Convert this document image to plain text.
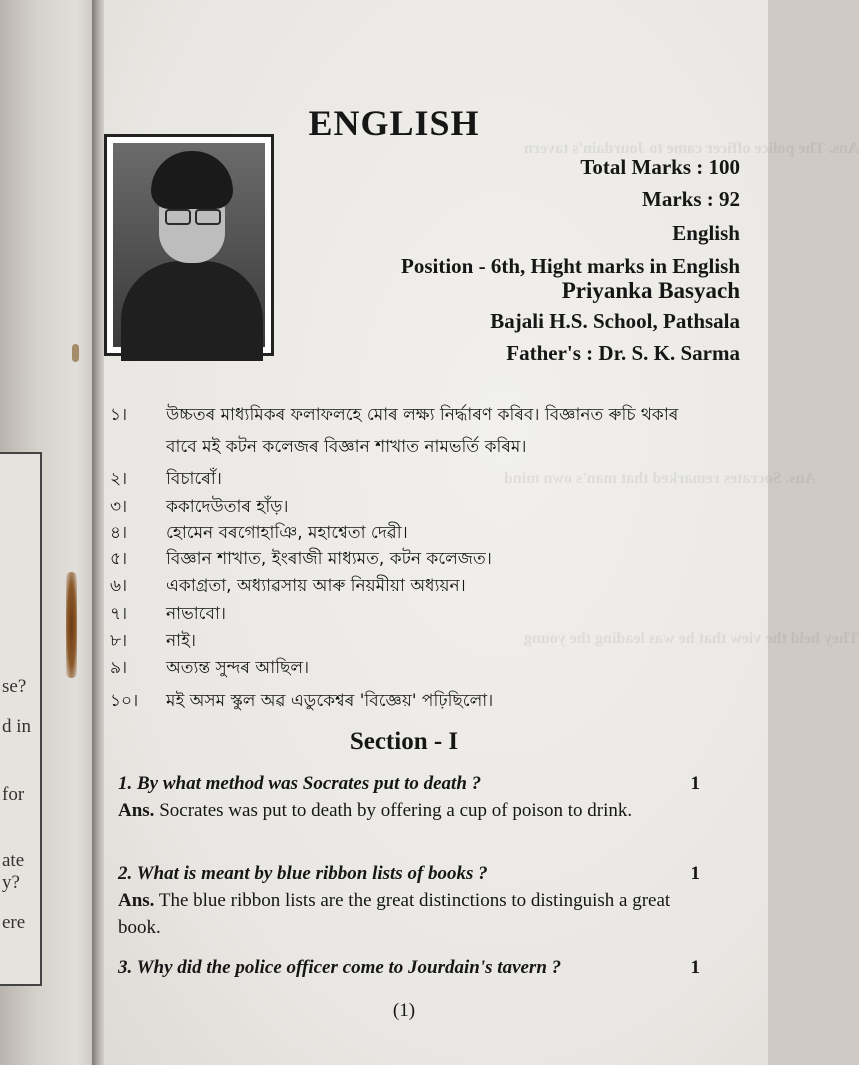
se?
d in
for
ate
y?
ere
Ans. The police officer came to Jourdain's tavern
Ans. Socrates remarked that man's own mind
They held the view that he was leading the young
ENGLISH
Total Marks : 100
Marks : 92
English
Position - 6th, Hight marks in English
Priyanka Basyach
Bajali H.S. School, Pathsala
Father's : Dr. S. K. Sarma
১। উচ্চতৰ মাধ্যমিকৰ ফলাফলহে মোৰ লক্ষ্য নিৰ্দ্ধাৰণ কৰিব। বিজ্ঞানত ৰুচি থকাৰ
বাবে মই কটন কলেজৰ বিজ্ঞান শাখাত নামভৰ্তি কৰিম।
২। বিচাৰোঁ।
৩। ককাদেউতাৰ হাঁড়।
৪। হোমেন বৰগোহাঞি, মহাশ্বেতা দেৱী।
৫। বিজ্ঞান শাখাত, ইংৰাজী মাধ্যমত, কটন কলেজত।
৬। একাগ্ৰতা, অধ্যাৱসায় আৰু নিয়মীয়া অধ্যয়ন।
৭। নাভাবো।
৮। নাই।
৯। অত্যন্ত সুন্দৰ আছিল।
১০। মই অসম স্কুল অৱ এডুকেশ্বৰ 'বিজ্ঞেয়' পঢ়িছিলো।
Section - I
1. By what method was Socrates put to death ?	1
Ans. Socrates was put to death by offering a cup of poison to drink.
2. What is meant by blue ribbon lists of books ?	1
Ans. The blue ribbon lists are the great distinctions to distinguish a great book.
3. Why did the police officer come to Jourdain's tavern ?	1
(1)
